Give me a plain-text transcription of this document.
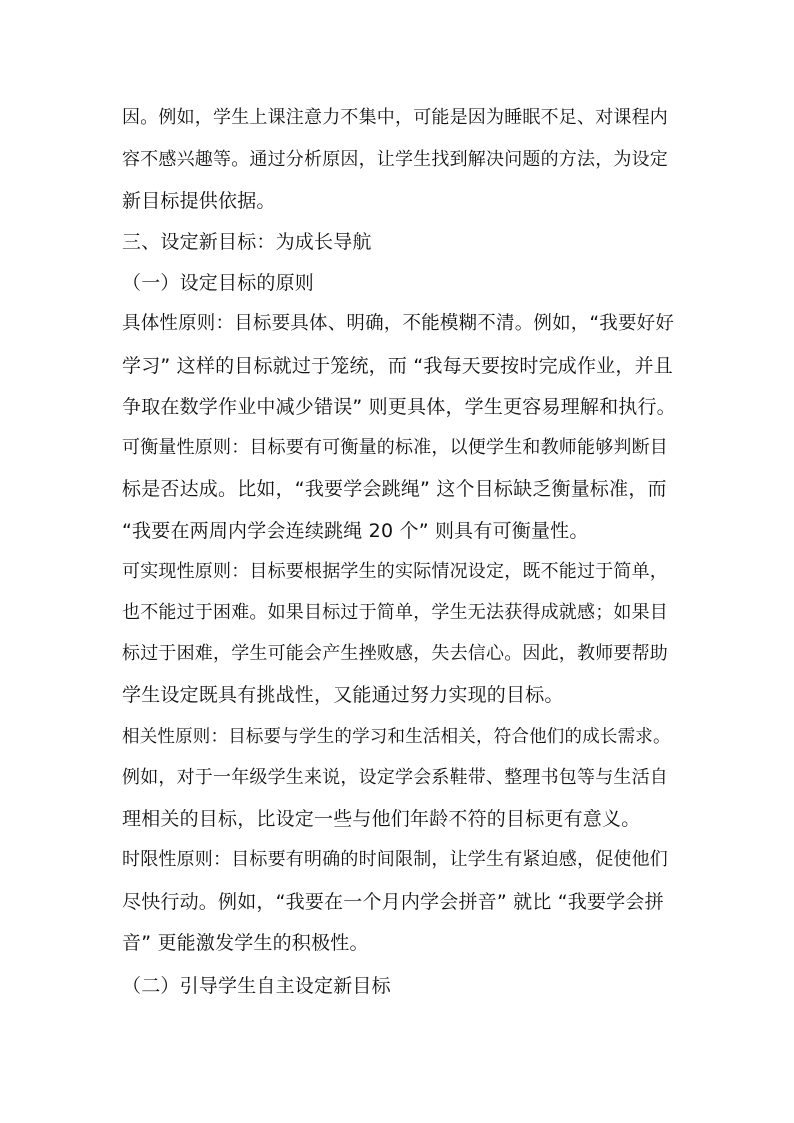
因。例如，学生上课注意力不集中，可能是因为睡眠不足、对课程内
容不感兴趣等。通过分析原因，让学生找到解决问题的方法，为设定
新目标提供依据。
三、设定新目标：为成长导航
（一）设定目标的原则
具体性原则：目标要具体、明确，不能模糊不清。例如，“我要好好
学习” 这样的目标就过于笼统，而 “我每天要按时完成作业，并且
争取在数学作业中减少错误” 则更具体，学生更容易理解和执行。
可衡量性原则：目标要有可衡量的标准，以便学生和教师能够判断目
标是否达成。比如，“我要学会跳绳” 这个目标缺乏衡量标准，而
“我要在两周内学会连续跳绳 20 个” 则具有可衡量性。
可实现性原则：目标要根据学生的实际情况设定，既不能过于简单，
也不能过于困难。如果目标过于简单，学生无法获得成就感；如果目
标过于困难，学生可能会产生挫败感，失去信心。因此，教师要帮助
学生设定既具有挑战性，又能通过努力实现的目标。
相关性原则：目标要与学生的学习和生活相关，符合他们的成长需求。
例如，对于一年级学生来说，设定学会系鞋带、整理书包等与生活自
理相关的目标，比设定一些与他们年龄不符的目标更有意义。
时限性原则：目标要有明确的时间限制，让学生有紧迫感，促使他们
尽快行动。例如，“我要在一个月内学会拼音” 就比 “我要学会拼
音” 更能激发学生的积极性。
（二）引导学生自主设定新目标
